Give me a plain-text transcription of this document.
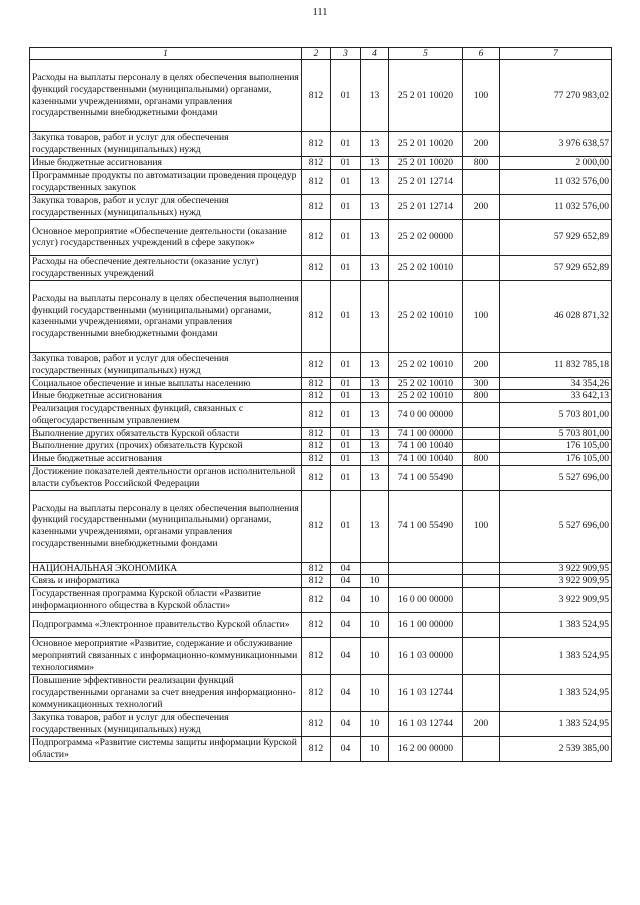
111
1	2	3	4	5	6	7
Расходы на выплаты персоналу в целях обеспечения выполнения функций государственными (муниципальными) органами, казенными учреждениями, органами управления государственными внебюджетными фондами	812	01	13	25 2 01 10020	100	77 270 983,02
Закупка товаров, работ и услуг для обеспечения государственных (муниципальных) нужд	812	01	13	25 2 01 10020	200	3 976 638,57
Иные бюджетные ассигнования	812	01	13	25 2 01 10020	800	2 000,00
Программные продукты по автоматизации проведения процедур государственных закупок	812	01	13	25 2 01 12714		11 032 576,00
Закупка товаров, работ и услуг для обеспечения государственных (муниципальных) нужд	812	01	13	25 2 01 12714	200	11 032 576,00
Основное мероприятие «Обеспечение деятельности (оказание услуг) государственных учреждений в сфере закупок»	812	01	13	25 2 02 00000		57 929 652,89
Расходы на обеспечение деятельности (оказание услуг) государственных учреждений	812	01	13	25 2 02 10010		57 929 652,89
Расходы на выплаты персоналу в целях обеспечения выполнения функций государственными (муниципальными) органами, казенными учреждениями, органами управления государственными внебюджетными фондами	812	01	13	25 2 02 10010	100	46 028 871,32
Закупка товаров, работ и услуг для обеспечения государственных (муниципальных) нужд	812	01	13	25 2 02 10010	200	11 832 785,18
Социальное обеспечение и иные выплаты населению	812	01	13	25 2 02 10010	300	34 354,26
Иные бюджетные ассигнования	812	01	13	25 2 02 10010	800	33 642,13
Реализация государственных функций, связанных с общегосударственным управлением	812	01	13	74 0 00 00000		5 703 801,00
Выполнение других обязательств Курской области	812	01	13	74 1 00 00000		5 703 801,00
Выполнение других (прочих) обязательств Курской	812	01	13	74 1 00 10040		176 105,00
Иные бюджетные ассигнования	812	01	13	74 1 00 10040	800	176 105,00
Достижение показателей деятельности органов исполнительной власти субъектов Российской Федерации	812	01	13	74 1 00 55490		5 527 696,00
Расходы на выплаты персоналу в целях обеспечения выполнения функций государственными (муниципальными) органами, казенными учреждениями, органами управления государственными внебюджетными фондами	812	01	13	74 1 00 55490	100	5 527 696,00
НАЦИОНАЛЬНАЯ ЭКОНОМИКА	812	04				3 922 909,95
Связь и информатика	812	04	10			3 922 909,95
Государственная программа Курской области «Развитие информационного общества в Курской области»	812	04	10	16 0 00 00000		3 922 909,95
Подпрограмма «Электронное правительство Курской области»	812	04	10	16 1 00 00000		1 383 524,95
Основное мероприятие «Развитие, содержание и обслуживание мероприятий связанных с информационно-коммуникационными технологиями»	812	04	10	16 1 03 00000		1 383 524,95
Повышение эффективности реализации функций государственными органами за счет внедрения информационно-коммуникационных технологий	812	04	10	16 1 03 12744		1 383 524,95
Закупка товаров, работ и услуг для обеспечения государственных (муниципальных) нужд	812	04	10	16 1 03 12744	200	1 383 524,95
Подпрограмма «Развитие системы защиты информации Курской области»	812	04	10	16 2 00 00000		2 539 385,00
